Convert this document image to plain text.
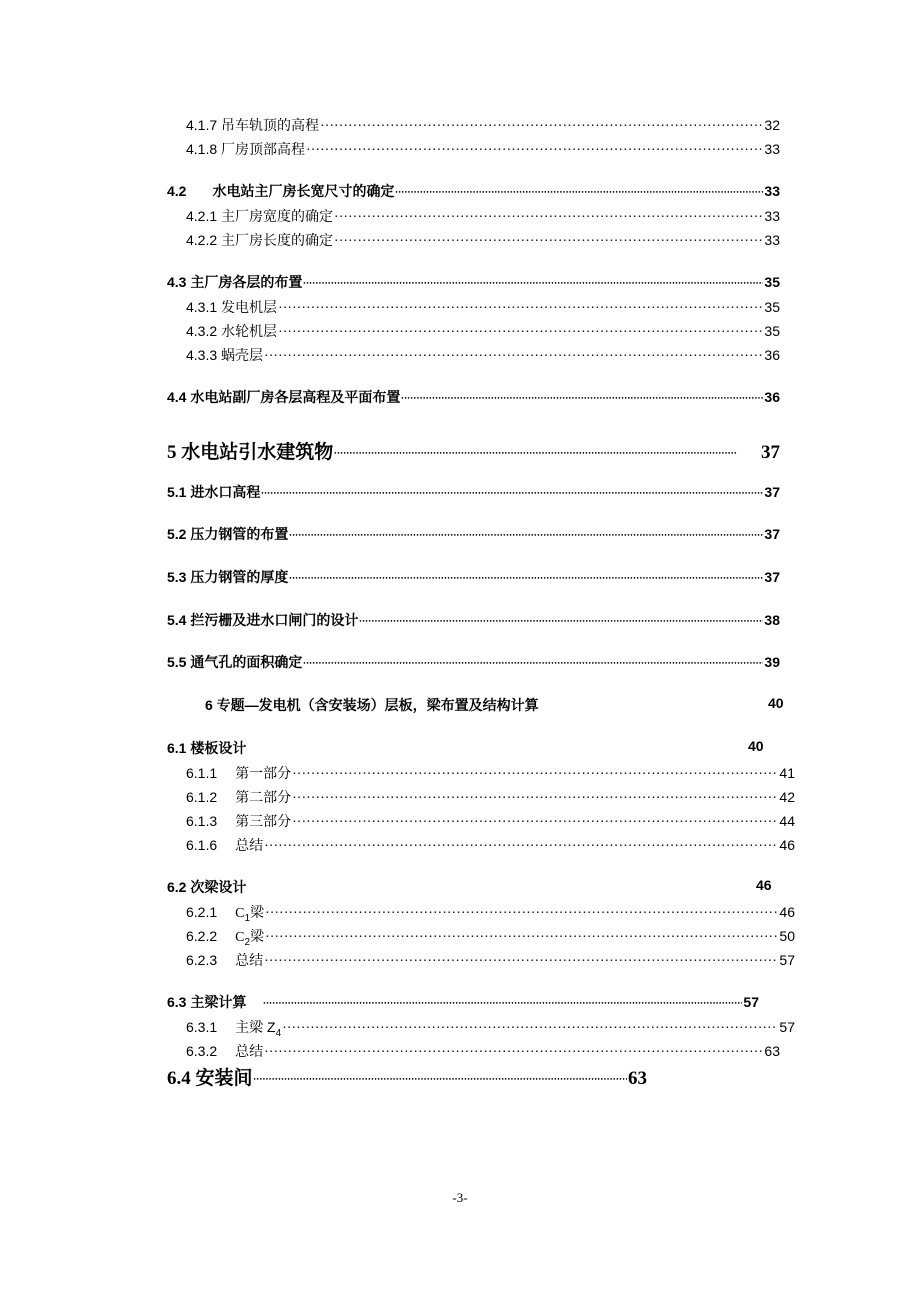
4.1.7 吊车轨顶的高程 ·····	32
4.1.8 厂房顶部高程 ·····	33
4.2 水电站主厂房长宽尺寸的确定 •••••	33
4.2.1 主厂房宽度的确定 ·····	33
4.2.2 主厂房长度的确定 ·····	33
4.3 主厂房各层的布置 •••••	35
4.3.1 发电机层 ·····	35
4.3.2 水轮机层 ·····	35
4.3.3 蜗壳层 ·····	36
4.4 水电站副厂房各层高程及平面布置 •••••	36
5 水电站引水建筑物 •••••	37
5.1 进水口高程 •••••	37
5.2 压力钢管的布置 •••••	37
5.3 压力钢管的厚度 •••••	37
5.4 拦污栅及进水口闸门的设计 •••••	38
5.5 通气孔的面积确定 •••••	39
6 专题—发电机（含安装场）层板，梁布置及结构计算	40
6.1 楼板设计	40
6.1.1 第一部分 ·····	41
6.1.2 第二部分 ·····	42
6.1.3 第三部分 ·····	44
6.1.6 总结 ·····	46
6.2 次梁设计	46
6.2.1 $C_1$梁 ·····	46
6.2.2 $C_2$梁 ·····	50
6.2.3 总结 ·····	57
6.3 主梁计算 •••••	57
6.3.1 主梁 $Z_4$ ·····	57
6.3.2 总结 ·····	63
6.4 安装间 •••••	63
-3-
